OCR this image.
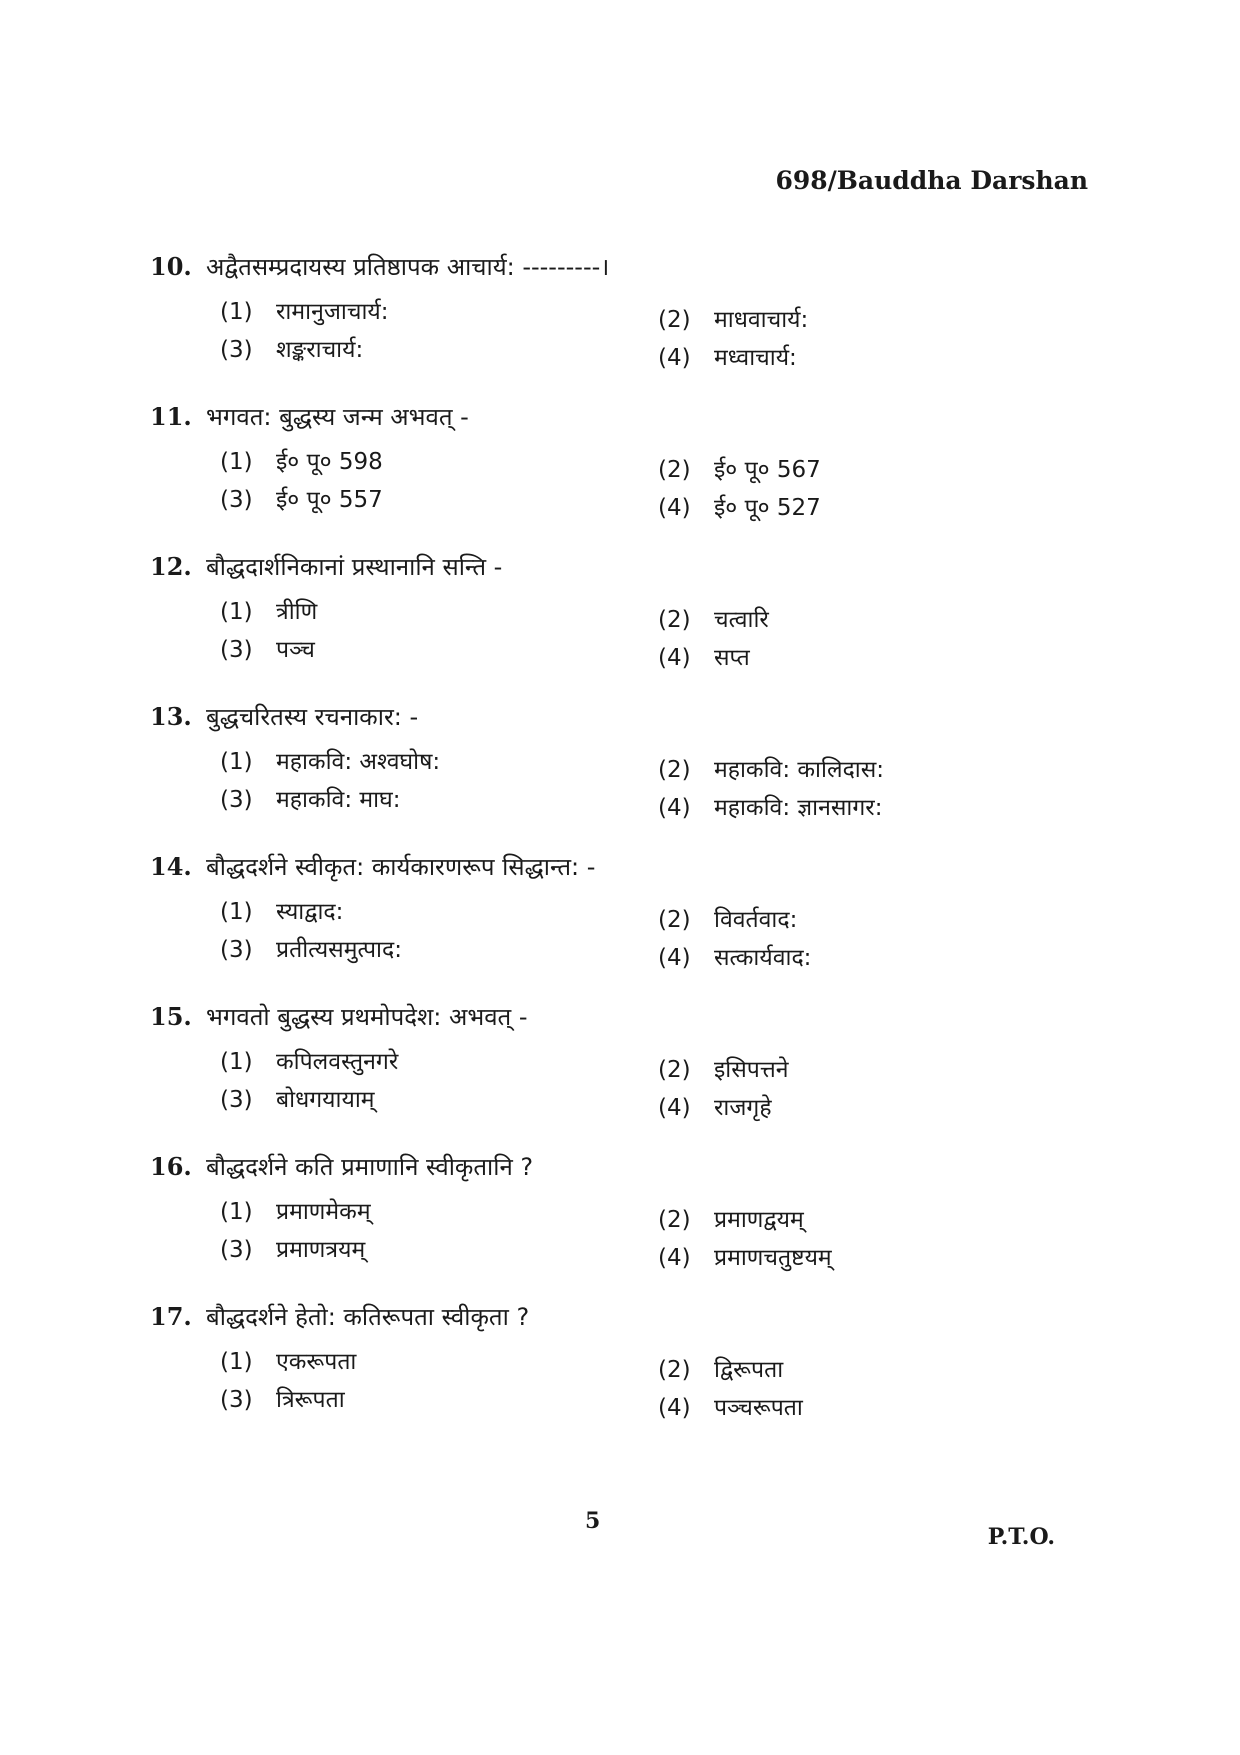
698/Bauddha Darshan
10. अद्वैतसम्प्रदायस्य प्रतिष्ठापक आचार्य: ---------।
(1) रामानुजाचार्य:	(2) माधवाचार्य:
(3) शङ्कराचार्य:	(4) मध्वाचार्य:
11. भगवत: बुद्धस्य जन्म अभवत् -
(1) ई० पू० 598	(2) ई० पू० 567
(3) ई० पू० 557	(4) ई० पू० 527
12. बौद्धदार्शनिकानां प्रस्थानानि सन्ति -
(1) त्रीणि	(2) चत्वारि
(3) पञ्च	(4) सप्त
13. बुद्धचरितस्य रचनाकार: -
(1) महाकवि: अश्वघोष:	(2) महाकवि: कालिदास:
(3) महाकवि: माघ:	(4) महाकवि: ज्ञानसागर:
14. बौद्धदर्शने स्वीकृत: कार्यकारणरूप सिद्धान्त: -
(1) स्याद्वाद:	(2) विवर्तवाद:
(3) प्रतीत्यसमुत्पाद:	(4) सत्कार्यवाद:
15. भगवतो बुद्धस्य प्रथमोपदेश: अभवत् -
(1) कपिलवस्तुनगरे	(2) इसिपत्तने
(3) बोधगयायाम्	(4) राजगृहे
16. बौद्धदर्शने कति प्रमाणानि स्वीकृतानि ?
(1) प्रमाणमेकम्	(2) प्रमाणद्वयम्
(3) प्रमाणत्रयम्	(4) प्रमाणचतुष्टयम्
17. बौद्धदर्शने हेतो: कतिरूपता स्वीकृता ?
(1) एकरूपता	(2) द्विरूपता
(3) त्रिरूपता	(4) पञ्चरूपता
5
P.T.O.
